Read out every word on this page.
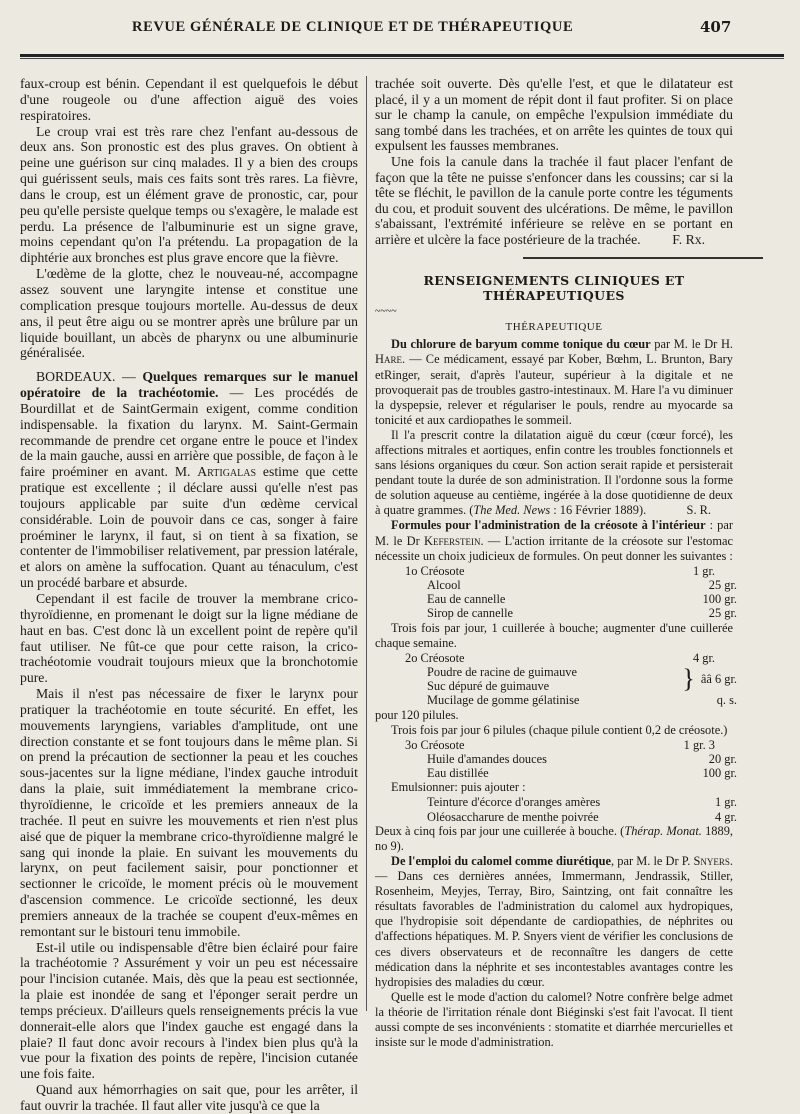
REVUE GÉNÉRALE DE CLINIQUE ET DE THÉRAPEUTIQUE	407

faux-croup est bénin. Cependant il est quelquefois le début d'une rougeole ou d'une affection aiguë des voies respiratoires.

Le croup vrai est très rare chez l'enfant au-dessous de deux ans. Son pronostic est des plus graves. On obtient à peine une guérison sur cinq malades. Il y a bien des croups qui guérissent seuls, mais ces faits sont très rares. La fièvre, dans le croup, est un élément grave de pronostic, car, pour peu qu'elle persiste quelque temps ou s'exagère, le malade est perdu. La présence de l'albuminurie est un signe grave, moins cependant qu'on l'a prétendu. La propagation de la diphtérie aux bronches est plus grave encore que la fièvre.

L'œdème de la glotte, chez le nouveau-né, accompagne assez souvent une laryngite intense et constitue une complication presque toujours mortelle. Au-dessus de deux ans, il peut être aigu ou se montrer après une brûlure par un liquide bouillant, un abcès de pharynx ou une albuminurie généralisée.

BORDEAUX. — Quelques remarques sur le manuel opératoire de la trachéotomie. — Les procédés de Bourdillat et de SaintGermain exigent, comme condition indispensable. la fixation du larynx. M. Saint-Germain recommande de prendre cet organe entre le pouce et l'index de la main gauche, aussi en arrière que possible, de façon à le faire proéminer en avant. M. Artigalas estime que cette pratique est excellente ; il déclare aussi qu'elle n'est pas toujours applicable par suite d'un œdème cervical considérable. Loin de pouvoir dans ce cas, songer à faire proéminer le larynx, il faut, si on tient à sa fixation, se contenter de l'immobiliser relativement, par pression latérale, et alors on amène la suffocation. Quant au ténaculum, c'est un procédé barbare et absurde.

Cependant il est facile de trouver la membrane crico-thyroïdienne, en promenant le doigt sur la ligne médiane de haut en bas. C'est donc là un excellent point de repère qu'il faut utiliser. Ne fût-ce que pour cette raison, la crico-trachéotomie voudrait toujours mieux que la bronchotomie pure.

Mais il n'est pas nécessaire de fixer le larynx pour pratiquer la trachéotomie en toute sécurité. En effet, les mouvements laryngiens, variables d'amplitude, ont une direction constante et se font toujours dans le même plan. Si on prend la précaution de sectionner la peau et les couches sous-jacentes sur la ligne médiane, l'index gauche introduit dans la plaie, suit immédiatement la membrane crico-thyroïdienne, le cricoïde et les premiers anneaux de la trachée. Il peut en suivre les mouvements et rien n'est plus aisé que de piquer la membrane crico-thyroïdienne malgré le sang qui inonde la plaie. En suivant les mouvements du larynx, on peut facilement saisir, pour ponctionner et sectionner le cricoïde, le moment précis où le mouvement d'ascension commence. Le cricoïde sectionné, les deux premiers anneaux de la trachée se coupent d'eux-mêmes en remontant sur le bistouri tenu immobile.

Est-il utile ou indispensable d'être bien éclairé pour faire la trachéotomie ? Assurément y voir un peu est nécessaire pour l'incision cutanée. Mais, dès que la peau est sectionnée, la plaie est inondée de sang et l'éponger serait perdre un temps précieux. D'ailleurs quels renseignements précis la vue donnerait-elle alors que l'index gauche est engagé dans la plaie? Il faut donc avoir recours à l'index bien plus qu'à la vue pour la fixation des points de repère, l'incision cutanée une fois faite.

Quand aux hémorrhagies on sait que, pour les arrêter, il faut ouvrir la trachée. Il faut aller vite jusqu'à ce que la

trachée soit ouverte. Dès qu'elle l'est, et que le dilatateur est placé, il y a un moment de répit dont il faut profiter. Si on place sur le champ la canule, on empêche l'expulsion immédiate du sang tombé dans les trachées, et on arrête les quintes de toux qui expulsent les fausses membranes.

Une fois la canule dans la trachée il faut placer l'enfant de façon que la tête ne puisse s'enfoncer dans les coussins; car si la tête se fléchit, le pavillon de la canule porte contre les téguments du cou, et produit souvent des ulcérations. De même, le pavillon s'abaissant, l'extrémité inférieure se relève en se portant en arrière et ulcère la face postérieure de la trachée.	F. Rx.

RENSEIGNEMENTS CLINIQUES ET THÉRAPEUTIQUES

~~~~

THÉRAPEUTIQUE

Du chlorure de baryum comme tonique du cœur par M. le Dr H. Hare. — Ce médicament, essayé par Kober, Bœhm, L. Brunton, Bary etRinger, serait, d'après l'auteur, supérieur à la digitale et ne provoquerait pas de troubles gastro-intestinaux. M. Hare l'a vu diminuer la dyspepsie, relever et régulariser le pouls, rendre au myocarde sa tonicité et aux cardiopathes le sommeil.

Il l'a prescrit contre la dilatation aiguë du cœur (cœur forcé), les affections mitrales et aortiques, enfin contre les troubles fonctionnels et sans lésions organiques du cœur. Son action serait rapide et persisterait pendant toute la durée de son administration. Il l'ordonne sous la forme de solution aqueuse au centième, ingérée à la dose quotidienne de deux à quatre grammes. (The Med. News : 16 Février 1889).	S. R.

Formules pour l'administration de la créosote à l'intérieur : par M. le Dr Keferstein. — L'action irritante de la créosote sur l'estomac nécessite un choix judicieux de formules. On peut donner les suivantes :

1o Créosote	1 gr.
Alcool	25 gr.
Eau de cannelle	100 gr.
Sirop de cannelle	25 gr.

Trois fois par jour, 1 cuillerée à bouche; augmenter d'une cuillerée chaque semaine.

2o Créosote	4 gr.
Poudre de racine de guimauve
Suc dépuré de guimauve	} ââ 6 gr.
Mucilage de gomme gélatinise	q. s.

pour 120 pilules.

Trois fois par jour 6 pilules (chaque pilule contient 0,2 de créosote.)

3o Créosote	1 gr. 3
Huile d'amandes douces	20 gr.
Eau distillée	100 gr.

Emulsionner: puis ajouter :

Teinture d'écorce d'oranges amères	1 gr.
Oléosaccharure de menthe poivrée	4 gr.

Deux à cinq fois par jour une cuillerée à bouche. (Thérap. Monat. 1889, no 9).

De l'emploi du calomel comme diurétique, par M. le Dr P. Snyers. — Dans ces dernières années, Immermann, Jendrassik, Stiller, Rosenheim, Meyjes, Terray, Biro, Saintzing, ont fait connaître les résultats favorables de l'administration du calomel aux hydropiques, que l'hydropisie soit dépendante de cardiopathies, de néphrites ou d'affections hépatiques. M. P. Snyers vient de vérifier les conclusions de ces divers observateurs et de reconnaître les dangers de cette médication dans la néphrite et ses incontestables avantages contre les hydropisies des maladies du cœur.

Quelle est le mode d'action du calomel? Notre confrère belge admet la théorie de l'irritation rénale dont Biéginski s'est fait l'avocat. Il tient aussi compte de ses inconvénients : stomatite et diarrhée mercurielles et insiste sur le mode d'administration.
